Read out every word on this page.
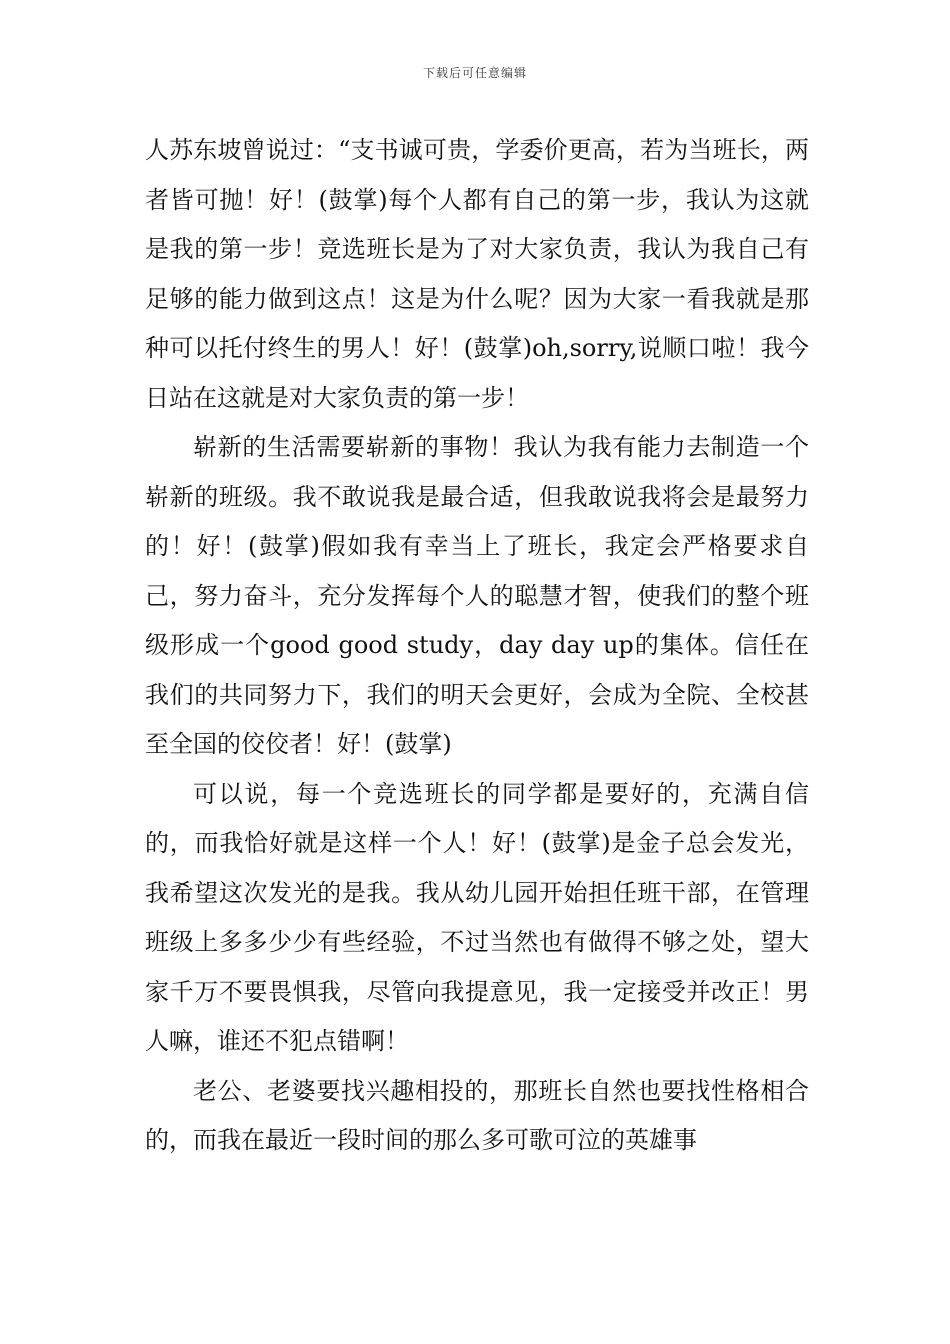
下载后可任意编辑

人苏东坡曾说过：“支书诚可贵，学委价更高，若为当班长，两者皆可抛！好！(鼓掌)每个人都有自己的第一步，我认为这就是我的第一步！竞选班长是为了对大家负责，我认为我自己有足够的能力做到这点！这是为什么呢？因为大家一看我就是那种可以托付终生的男人！好！(鼓掌)oh,sorry,说顺口啦！我今日站在这就是对大家负责的第一步！

崭新的生活需要崭新的事物！我认为我有能力去制造一个崭新的班级。我不敢说我是最合适，但我敢说我将会是最努力的！好！(鼓掌)假如我有幸当上了班长，我定会严格要求自己，努力奋斗，充分发挥每个人的聪慧才智，使我们的整个班级形成一个good good study，day day up的集体。信任在我们的共同努力下，我们的明天会更好，会成为全院、全校甚至全国的佼佼者！好！(鼓掌)

可以说，每一个竞选班长的同学都是要好的，充满自信的，而我恰好就是这样一个人！好！(鼓掌)是金子总会发光，我希望这次发光的是我。我从幼儿园开始担任班干部，在管理班级上多多少少有些经验，不过当然也有做得不够之处，望大家千万不要畏惧我，尽管向我提意见，我一定接受并改正！男人嘛，谁还不犯点错啊！

老公、老婆要找兴趣相投的，那班长自然也要找性格相合的，而我在最近一段时间的那么多可歌可泣的英雄事
